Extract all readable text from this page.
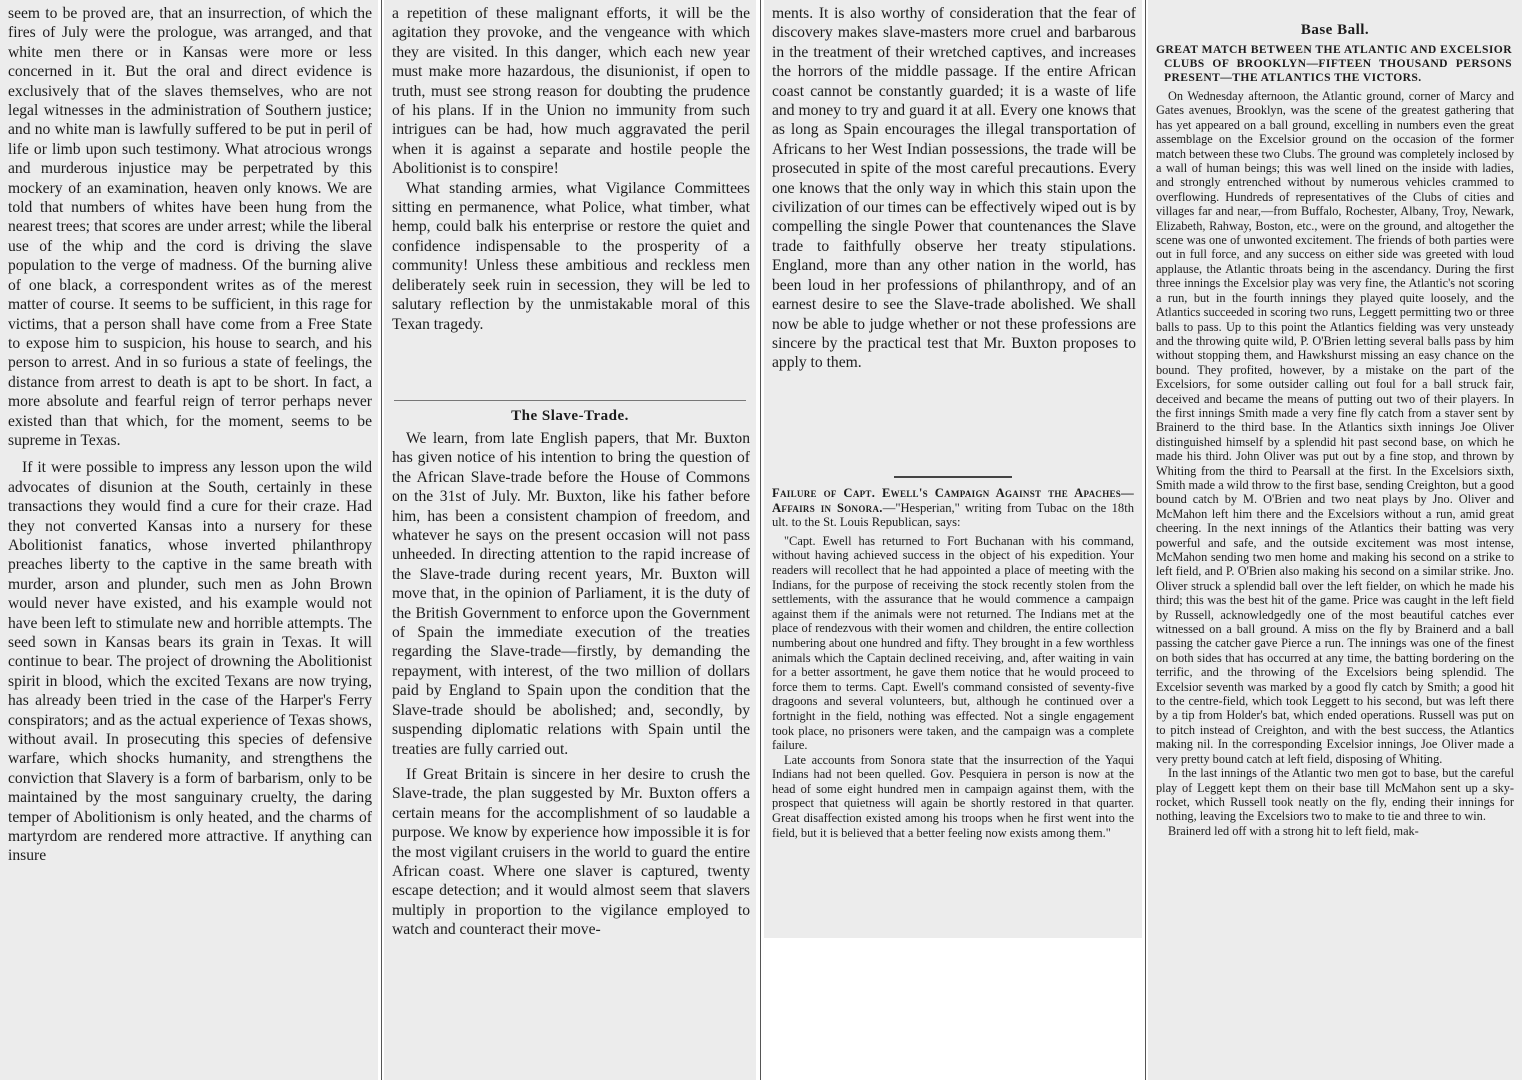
seem to be proved are, that an insurrection, of which the fires of July were the prologue, was arranged, and that white men there or in Kansas were more or less concerned in it. But the oral and direct evidence is exclusively that of the slaves themselves, who are not legal witnesses in the administration of Southern justice; and no white man is lawfully suffered to be put in peril of life or limb upon such testimony. What atrocious wrongs and murderous injustice may be perpetrated by this mockery of an examination, heaven only knows. We are told that numbers of whites have been hung from the nearest trees; that scores are under arrest; while the liberal use of the whip and the cord is driving the slave population to the verge of madness. Of the burning alive of one black, a correspondent writes as of the merest matter of course. It seems to be sufficient, in this rage for victims, that a person shall have come from a Free State to expose him to suspicion, his house to search, and his person to arrest. And in so furious a state of feelings, the distance from arrest to death is apt to be short. In fact, a more absolute and fearful reign of terror perhaps never existed than that which, for the moment, seems to be supreme in Texas.

If it were possible to impress any lesson upon the wild advocates of disunion at the South, certainly in these transactions they would find a cure for their craze. Had they not converted Kansas into a nursery for these Abolitionist fanatics, whose inverted philanthropy preaches liberty to the captive in the same breath with murder, arson and plunder, such men as John Brown would never have existed, and his example would not have been left to stimulate new and horrible attempts. The seed sown in Kansas bears its grain in Texas. It will continue to bear. The project of drowning the Abolitionist spirit in blood, which the excited Texans are now trying, has already been tried in the case of the Harper's Ferry conspirators; and as the actual experience of Texas shows, without avail. In prosecuting this species of defensive warfare, which shocks humanity, and strengthens the conviction that Slavery is a form of barbarism, only to be maintained by the most sanguinary cruelty, the daring temper of Abolitionism is only heated, and the charms of martyrdom are rendered more attractive. If anything can insure

a repetition of these malignant efforts, it will be the agitation they provoke, and the vengeance with which they are visited. In this danger, which each new year must make more hazardous, the disunionist, if open to truth, must see strong reason for doubting the prudence of his plans. If in the Union no immunity from such intrigues can be had, how much aggravated the peril when it is against a separate and hostile people the Abolitionist is to conspire!

What standing armies, what Vigilance Committees sitting en permanence, what Police, what timber, what hemp, could balk his enterprise or restore the quiet and confidence indispensable to the prosperity of a community! Unless these ambitious and reckless men deliberately seek ruin in secession, they will be led to salutary reflection by the unmistakable moral of this Texan tragedy.

The Slave-Trade.

We learn, from late English papers, that Mr. Buxton has given notice of his intention to bring the question of the African Slave-trade before the House of Commons on the 31st of July. Mr. Buxton, like his father before him, has been a consistent champion of freedom, and whatever he says on the present occasion will not pass unheeded. In directing attention to the rapid increase of the Slave-trade during recent years, Mr. Buxton will move that, in the opinion of Parliament, it is the duty of the British Government to enforce upon the Government of Spain the immediate execution of the treaties regarding the Slave-trade—firstly, by demanding the repayment, with interest, of the two million of dollars paid by England to Spain upon the condition that the Slave-trade should be abolished; and, secondly, by suspending diplomatic relations with Spain until the treaties are fully carried out.

If Great Britain is sincere in her desire to crush the Slave-trade, the plan suggested by Mr. Buxton offers a certain means for the accomplishment of so laudable a purpose. We know by experience how impossible it is for the most vigilant cruisers in the world to guard the entire African coast. Where one slaver is captured, twenty escape detection; and it would almost seem that slavers multiply in proportion to the vigilance employed to watch and counteract their move-

ments. It is also worthy of consideration that the fear of discovery makes slave-masters more cruel and barbarous in the treatment of their wretched captives, and increases the horrors of the middle passage. If the entire African coast cannot be constantly guarded; it is a waste of life and money to try and guard it at all. Every one knows that as long as Spain encourages the illegal transportation of Africans to her West Indian possessions, the trade will be prosecuted in spite of the most careful precautions. Every one knows that the only way in which this stain upon the civilization of our times can be effectively wiped out is by compelling the single Power that countenances the Slave trade to faithfully observe her treaty stipulations. England, more than any other nation in the world, has been loud in her professions of philanthropy, and of an earnest desire to see the Slave-trade abolished. We shall now be able to judge whether or not these professions are sincere by the practical test that Mr. Buxton proposes to apply to them.

Failure of Capt. Ewell's Campaign Against the Apaches—Affairs in Sonora.—"Hesperian," writing from Tubac on the 18th ult. to the St. Louis Republican, says:

"Capt. Ewell has returned to Fort Buchanan with his command, without having achieved success in the object of his expedition. Your readers will recollect that he had appointed a place of meeting with the Indians, for the purpose of receiving the stock recently stolen from the settlements, with the assurance that he would commence a campaign against them if the animals were not returned. The Indians met at the place of rendezvous with their women and children, the entire collection numbering about one hundred and fifty. They brought in a few worthless animals which the Captain declined receiving, and, after waiting in vain for a better assortment, he gave them notice that he would proceed to force them to terms. Capt. Ewell's command consisted of seventy-five dragoons and several volunteers, but, although he continued over a fortnight in the field, nothing was effected. Not a single engagement took place, no prisoners were taken, and the campaign was a complete failure.

Late accounts from Sonora state that the insurrection of the Yaqui Indians had not been quelled. Gov. Pesquiera in person is now at the head of some eight hundred men in campaign against them, with the prospect that quietness will again be shortly restored in that quarter. Great disaffection existed among his troops when he first went into the field, but it is believed that a better feeling now exists among them."

Base Ball.
GREAT MATCH BETWEEN THE ATLANTIC AND EXCELSIOR CLUBS OF BROOKLYN—FIFTEEN THOUSAND PERSONS PRESENT—THE ATLANTICS THE VICTORS.

On Wednesday afternoon, the Atlantic ground, corner of Marcy and Gates avenues, Brooklyn, was the scene of the greatest gathering that has yet appeared on a ball ground, excelling in numbers even the great assemblage on the Excelsior ground on the occasion of the former match between these two Clubs. The ground was completely inclosed by a wall of human beings; this was well lined on the inside with ladies, and strongly entrenched without by numerous vehicles crammed to overflowing. Hundreds of representatives of the Clubs of cities and villages far and near,—from Buffalo, Rochester, Albany, Troy, Newark, Elizabeth, Rahway, Boston, etc., were on the ground, and altogether the scene was one of unwonted excitement. The friends of both parties were out in full force, and any success on either side was greeted with loud applause, the Atlantic throats being in the ascendancy. During the first three innings the Excelsior play was very fine, the Atlantic's not scoring a run, but in the fourth innings they played quite loosely, and the Atlantics succeeded in scoring two runs, Leggett permitting two or three balls to pass. Up to this point the Atlantics fielding was very unsteady and the throwing quite wild, P. O'Brien letting several balls pass by him without stopping them, and Hawkshurst missing an easy chance on the bound. They profited, however, by a mistake on the part of the Excelsiors, for some outsider calling out foul for a ball struck fair, deceived and became the means of putting out two of their players. In the first innings Smith made a very fine fly catch from a staver sent by Brainerd to the third base. In the Atlantics sixth innings Joe Oliver distinguished himself by a splendid hit past second base, on which he made his third. John Oliver was put out by a fine stop, and thrown by Whiting from the third to Pearsall at the first. In the Excelsiors sixth, Smith made a wild throw to the first base, sending Creighton, but a good bound catch by M. O'Brien and two neat plays by Jno. Oliver and McMahon left him there and the Excelsiors without a run, amid great cheering. In the next innings of the Atlantics their batting was very powerful and safe, and the outside excitement was most intense, McMahon sending two men home and making his second on a strike to left field, and P. O'Brien also making his second on a similar strike. Jno. Oliver struck a splendid ball over the left fielder, on which he made his third; this was the best hit of the game. Price was caught in the left field by Russell, acknowledgedly one of the most beautiful catches ever witnessed on a ball ground. A miss on the fly by Brainerd and a ball passing the catcher gave Pierce a run. The innings was one of the finest on both sides that has occurred at any time, the batting bordering on the terrific, and the throwing of the Excelsiors being splendid. The Excelsior seventh was marked by a good fly catch by Smith; a good hit to the centre-field, which took Leggett to his second, but was left there by a tip from Holder's bat, which ended operations. Russell was put on to pitch instead of Creighton, and with the best success, the Atlantics making nil. In the corresponding Excelsior innings, Joe Oliver made a very pretty bound catch at left field, disposing of Whiting.

In the last innings of the Atlantic two men got to base, but the careful play of Leggett kept them on their base till McMahon sent up a sky-rocket, which Russell took neatly on the fly, ending their innings for nothing, leaving the Excelsiors two to make to tie and three to win.

Brainerd led off with a strong hit to left field, mak-
